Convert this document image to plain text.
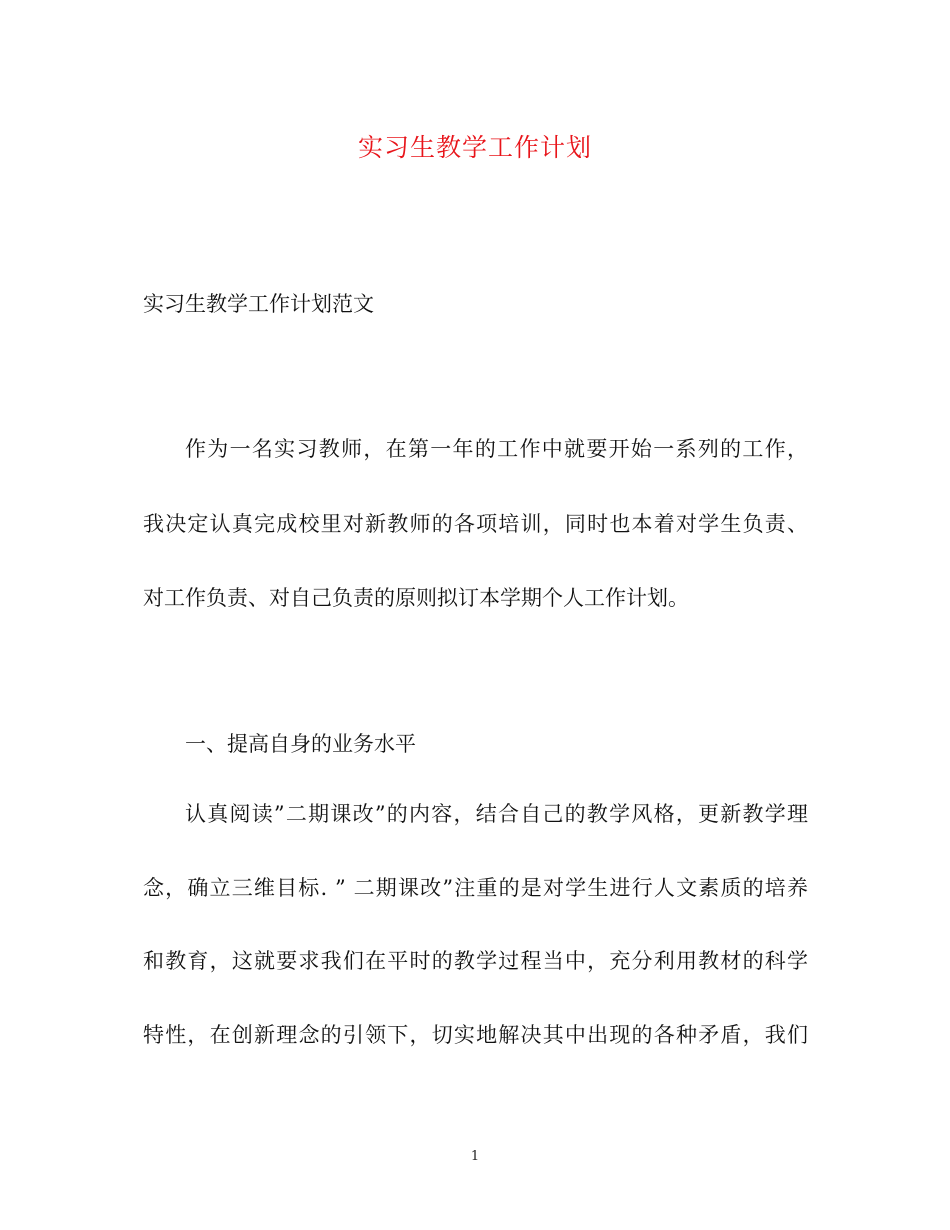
实习生教学工作计划
实习生教学工作计划范文
作为一名实习教师，在第一年的工作中就要开始一系列的工作，
我决定认真完成校里对新教师的各项培训，同时也本着对学生负责、
对工作负责、对自己负责的原则拟订本学期个人工作计划。
一、提高自身的业务水平
认真阅读”二期课改”的内容，结合自己的教学风格，更新教学理
念，确立三维目标. ” 二期课改”注重的是对学生进行人文素质的培养
和教育，这就要求我们在平时的教学过程当中，充分利用教材的科学
特性，在创新理念的引领下，切实地解决其中出现的各种矛盾，我们
1
